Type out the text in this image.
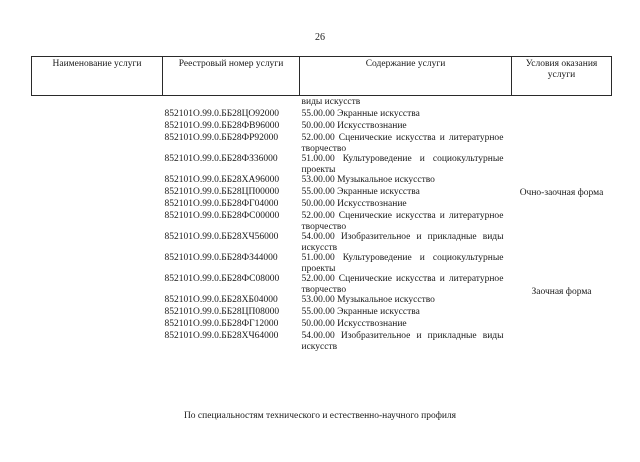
26
Наименование услуги	Реестровый номер услуги	Содержание услуги	Условия оказания услуги
		виды искусств	
	852101О.99.0.ББ28ЦО92000	55.00.00 Экранные искусства	
	852101О.99.0.ББ28ФВ96000	50.00.00 Искусствознание	
	852101О.99.0.ББ28ФР92000	52.00.00 Сценические искусства и литературное творчество	
	852101О.99.0.ББ28ФЗ36000	51.00.00 Культуроведение и социокультурные проекты	Очно-заочная форма
	852101О.99.0.ББ28ХА96000	53.00.00 Музыкальное искусство	
	852101О.99.0.ББ28ЦП00000	55.00.00 Экранные искусства	
	852101О.99.0.ББ28ФГ04000	50.00.00 Искусствознание	
	852101О.99.0.ББ28ФС00000	52.00.00 Сценические искусства и литературное творчество	
	852101О.99.0.ББ28ХЧ56000	54.00.00 Изобразительное и прикладные виды искусств	Заочная форма
	852101О.99.0.ББ28ФЗ44000	51.00.00 Культуроведение и социокультурные проекты	
	852101О.99.0.ББ28ФС08000	52.00.00 Сценические искусства и литературное творчество	
	852101О.99.0.ББ28ХБ04000	53.00.00 Музыкальное искусство	
	852101О.99.0.ББ28ЦП08000	55.00.00 Экранные искусства	
	852101О.99.0.ББ28ФГ12000	50.00.00 Искусствознание	
	852101О.99.0.ББ28ХЧ64000	54.00.00 Изобразительное и прикладные виды искусств	
По специальностям технического и естественно-научного профиля
